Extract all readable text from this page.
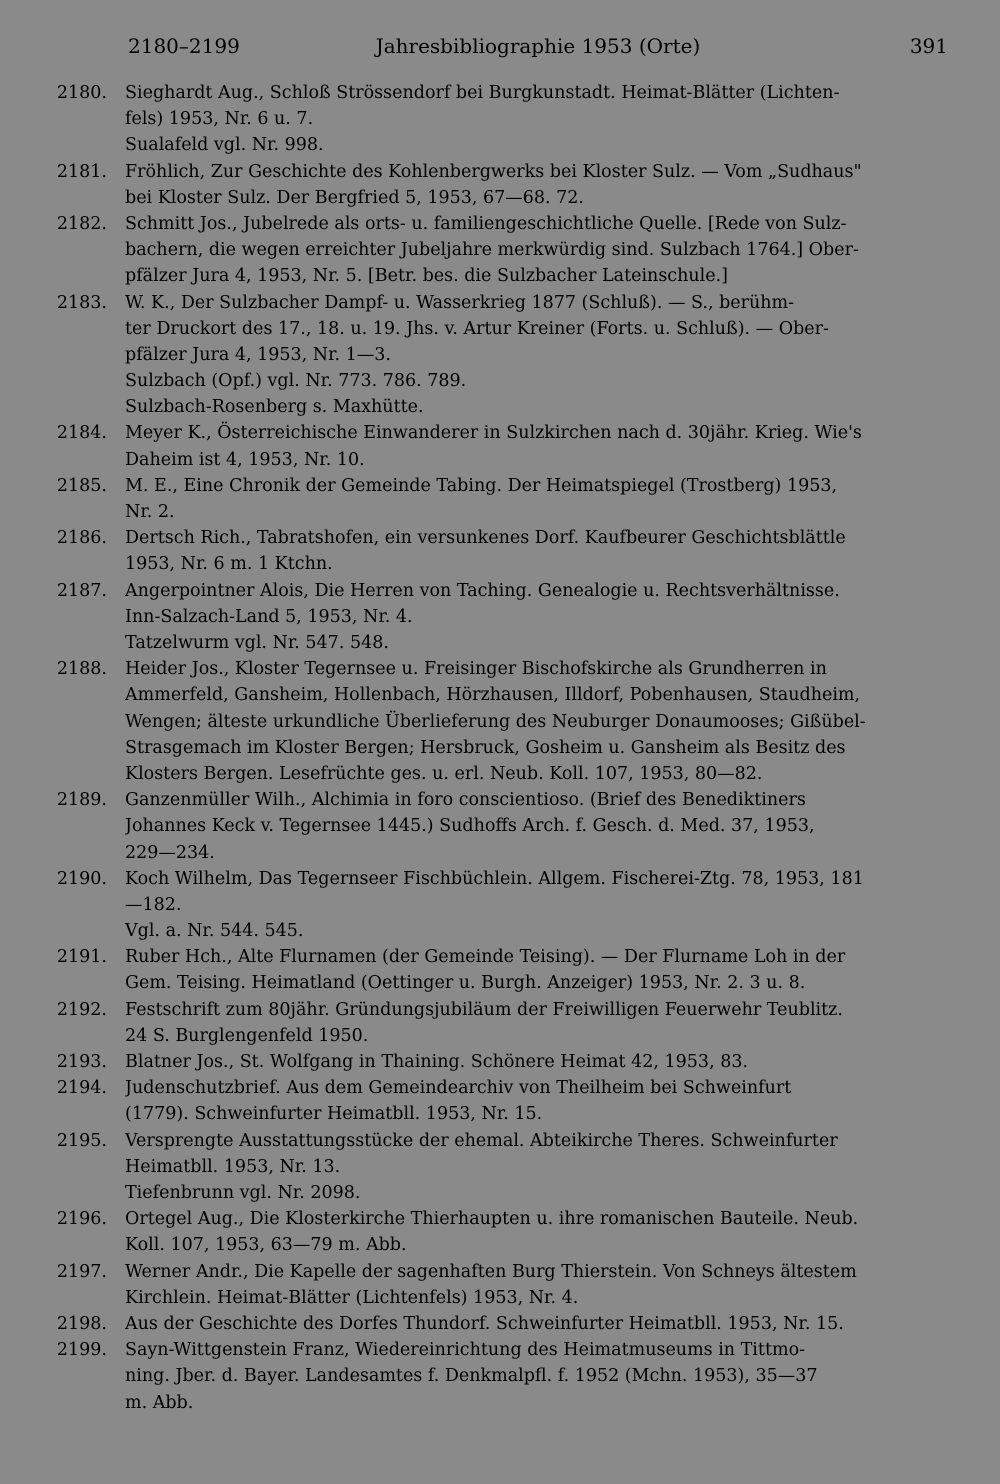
2180–2199	Jahresbibliographie 1953 (Orte)	391
2180.	Sieghardt Aug., Schloß Strössendorf bei Burgkunstadt. Heimat-Blätter (Lichten-
fels) 1953, Nr. 6 u. 7.
Sualafeld vgl. Nr. 998.
2181.	Fröhlich, Zur Geschichte des Kohlenbergwerks bei Kloster Sulz. — Vom „Sudhaus"
bei Kloster Sulz. Der Bergfried 5, 1953, 67—68. 72.
2182.	Schmitt Jos., Jubelrede als orts- u. familiengeschichtliche Quelle. [Rede von Sulz-
bachern, die wegen erreichter Jubeljahre merkwürdig sind. Sulzbach 1764.] Ober-
pfälzer Jura 4, 1953, Nr. 5. [Betr. bes. die Sulzbacher Lateinschule.]
2183.	W. K., Der Sulzbacher Dampf- u. Wasserkrieg 1877 (Schluß). — S., berühm-
ter Druckort des 17., 18. u. 19. Jhs. v. Artur Kreiner (Forts. u. Schluß). — Ober-
pfälzer Jura 4, 1953, Nr. 1—3.
Sulzbach (Opf.) vgl. Nr. 773. 786. 789.
Sulzbach-Rosenberg s. Maxhütte.
2184.	Meyer K., Österreichische Einwanderer in Sulzkirchen nach d. 30jähr. Krieg. Wie's
Daheim ist 4, 1953, Nr. 10.
2185.	M. E., Eine Chronik der Gemeinde Tabing. Der Heimatspiegel (Trostberg) 1953,
Nr. 2.
2186.	Dertsch Rich., Tabratshofen, ein versunkenes Dorf. Kaufbeurer Geschichtsblättle
1953, Nr. 6 m. 1 Ktchn.
2187.	Angerpointner Alois, Die Herren von Taching. Genealogie u. Rechtsverhältnisse.
Inn-Salzach-Land 5, 1953, Nr. 4.
Tatzelwurm vgl. Nr. 547. 548.
2188.	Heider Jos., Kloster Tegernsee u. Freisinger Bischofskirche als Grundherren in
Ammerfeld, Gansheim, Hollenbach, Hörzhausen, Illdorf, Pobenhausen, Staudheim,
Wengen; älteste urkundliche Überlieferung des Neuburger Donaumooses; Gißübel-
Strasgemach im Kloster Bergen; Hersbruck, Gosheim u. Gansheim als Besitz des
Klosters Bergen. Lesefrüchte ges. u. erl. Neub. Koll. 107, 1953, 80—82.
2189.	Ganzenmüller Wilh., Alchimia in foro conscientioso. (Brief des Benediktiners
Johannes Keck v. Tegernsee 1445.) Sudhoffs Arch. f. Gesch. d. Med. 37, 1953,
229—234.
2190.	Koch Wilhelm, Das Tegernseer Fischbüchlein. Allgem. Fischerei-Ztg. 78, 1953, 181
—182.
Vgl. a. Nr. 544. 545.
2191.	Ruber Hch., Alte Flurnamen (der Gemeinde Teising). — Der Flurname Loh in der
Gem. Teising. Heimatland (Oettinger u. Burgh. Anzeiger) 1953, Nr. 2. 3 u. 8.
2192.	Festschrift zum 80jähr. Gründungsjubiläum der Freiwilligen Feuerwehr Teublitz.
24 S. Burglengenfeld 1950.
2193.	Blatner Jos., St. Wolfgang in Thaining. Schönere Heimat 42, 1953, 83.
2194.	Judenschutzbrief. Aus dem Gemeindearchiv von Theilheim bei Schweinfurt
(1779). Schweinfurter Heimatbll. 1953, Nr. 15.
2195.	Versprengte Ausstattungsstücke der ehemal. Abteikirche Theres. Schweinfurter
Heimatbll. 1953, Nr. 13.
Tiefenbrunn vgl. Nr. 2098.
2196.	Ortegel Aug., Die Klosterkirche Thierhaupten u. ihre romanischen Bauteile. Neub.
Koll. 107, 1953, 63—79 m. Abb.
2197.	Werner Andr., Die Kapelle der sagenhaften Burg Thierstein. Von Schneys ältestem
Kirchlein. Heimat-Blätter (Lichtenfels) 1953, Nr. 4.
2198.	Aus der Geschichte des Dorfes Thundorf. Schweinfurter Heimatbll. 1953, Nr. 15.
2199.	Sayn-Wittgenstein Franz, Wiedereinrichtung des Heimatmuseums in Tittmo-
ning. Jber. d. Bayer. Landesamtes f. Denkmalpfl. f. 1952 (Mchn. 1953), 35—37
m. Abb.
